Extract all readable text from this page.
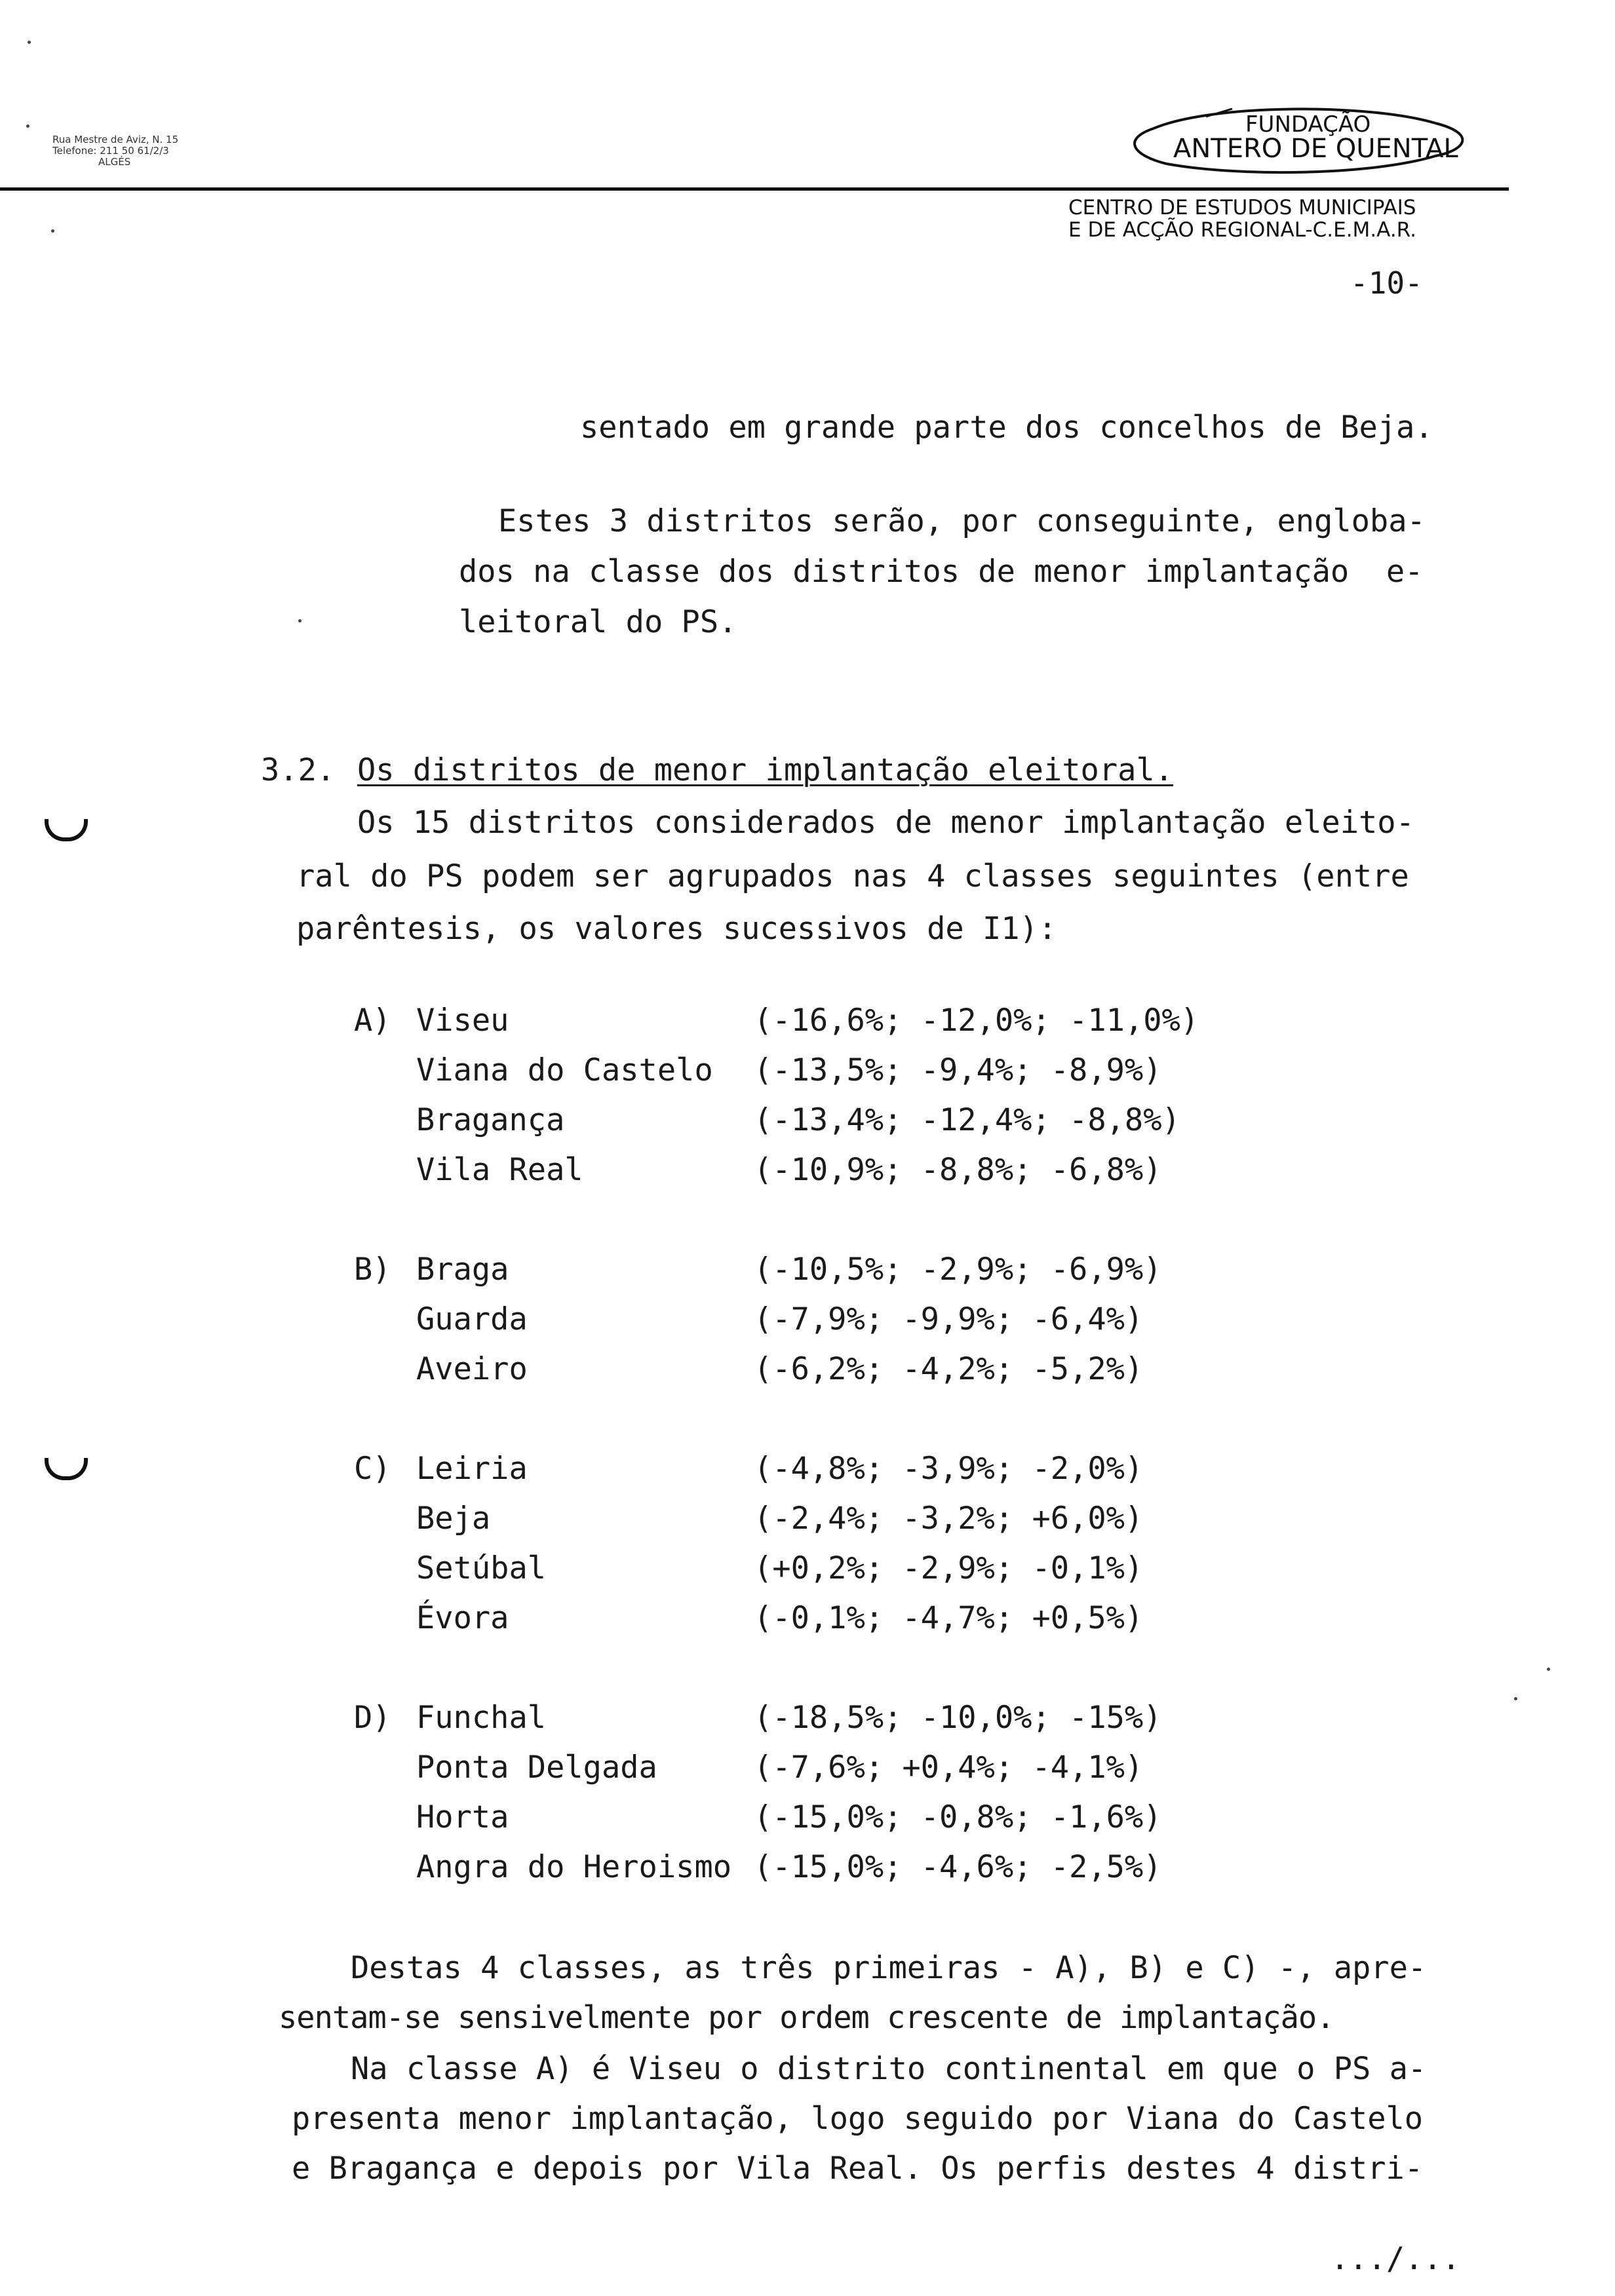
Rua Mestre de Aviz, N. 15
Telefone: 211 50 61/2/3
ALGÉS
FUNDAÇÃO
ANTERO DE QUENTAL
CENTRO DE ESTUDOS MUNICIPAIS
E DE ACÇÃO REGIONAL-C.E.M.A.R.
-10-
sentado em grande parte dos concelhos de Beja.
Estes 3 distritos serão, por conseguinte, engloba-
dos na classe dos distritos de menor implantação  e-
leitoral do PS.
3.2. Os distritos de menor implantação eleitoral.
Os 15 distritos considerados de menor implantação eleito-
ral do PS podem ser agrupados nas 4 classes seguintes (entre
parêntesis, os valores sucessivos de I1):
A) Viseu	(-16,6%; -12,0%; -11,0%)
Viana do Castelo (-13,5%; -9,4%; -8,9%)
Bragança	(-13,4%; -12,4%; -8,8%)
Vila Real	(-10,9%; -8,8%; -6,8%)
B) Braga	(-10,5%; -2,9%; -6,9%)
Guarda	(-7,9%; -9,9%; -6,4%)
Aveiro	(-6,2%; -4,2%; -5,2%)
C) Leiria	(-4,8%; -3,9%; -2,0%)
Beja	(-2,4%; -3,2%; +6,0%)
Setúbal	(+0,2%; -2,9%; -0,1%)
Évora	(-0,1%; -4,7%; +0,5%)
D) Funchal	(-18,5%; -10,0%; -15%)
Ponta Delgada	(-7,6%; +0,4%; -4,1%)
Horta	(-15,0%; -0,8%; -1,6%)
Angra do Heroismo (-15,0%; -4,6%; -2,5%)
Destas 4 classes, as três primeiras - A), B) e C) -, apre-
sentam-se sensivelmente por ordem crescente de implantação.
Na classe A) é Viseu o distrito continental em que o PS a-
presenta menor implantação, logo seguido por Viana do Castelo
e Bragança e depois por Vila Real. Os perfis destes 4 distri-
.../...
